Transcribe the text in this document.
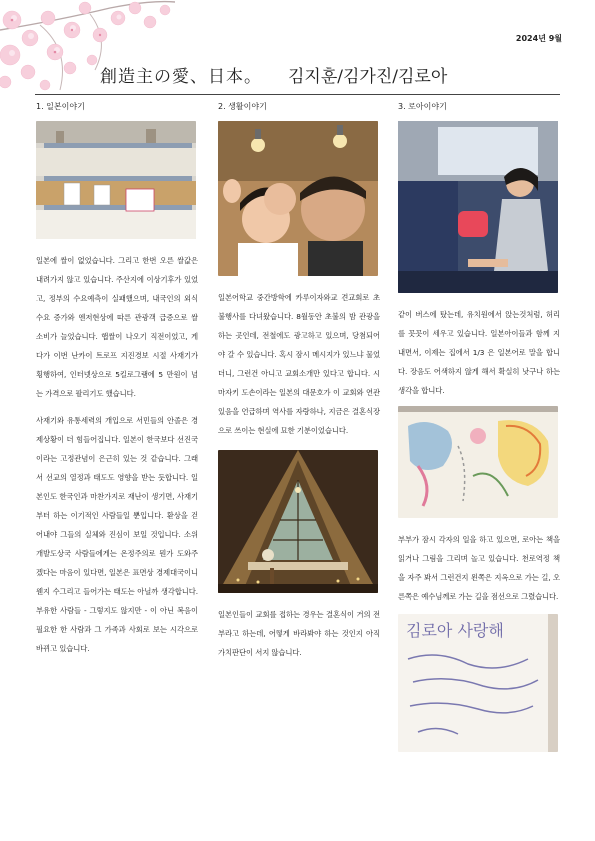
2024년 9월
創造主の愛、日本。 김지훈/김가진/김로아
1. 일본이야기

일본에 쌀이 없었습니다. 그리고 한번 오른 쌀값은 내려가지 않고 있습니다. 주산지에 이상기후가 있었고, 정부의 수요예측이 실패했으며, 내국인의 외식수요 증가와 엔저현상에 따른 관광객 급증으로 쌀 소비가 늘었습니다. 햅쌀이 나오기 직전이었고, 게다가 이번 난카이 트로프 지진경보 시절 사재기가 횡행하여, 인터넷상으로 5킬로그램에 5 만원이 넘는 가격으로 팔리기도 했습니다.

사재기와 유통세력의 개입으로 서민들의 안졸은 경제상황이 더 힘들어집니다. 일본이 한국보다 선진국이라는 고정관념이 은근히 있는 것 같습니다. 그래서 선교의 열정과 태도도 영향을 받는 듯합니다. 일본인도 한국인과 마찬가지로 재난이 생기면, 사재기부터 하는 이기적인 사람들일 뿐입니다. 환상을 걷어내야 그들의 실체와 진심이 보일 것입니다. 소위 개발도상국 사람들에게는 온정주의로 뭔가 도와주겠다는 마음이 있다면, 일본은 표면상 경제대국이니 웬지 수그리고 들어가는 태도는 아닐까 생각합니다. 부유한 사람들 - 그렇지도 않지만 - 이 아닌 복음이 필요한 한 사람과 그 가족과 사회로 보는 시각으로 바뀌고 있습니다.

2. 생활이야기

일본어학교 중간방학에 카루이자와교 견교회로 초불행사를 다녀왔습니다. 8월동안 초불의 밤 관광을 하는 곳인데, 전철에도 광고하고 있으며, 당첨되어야 갈 수 있습니다. 혹시 잠시 메시지가 있느냐 물었더니, 그런건 아니고 교회소개만 있다고 합니다. 시마자키 도손이라는 일본의 대문호가 이 교회와 연관있음을 언급하며 역사를 자랑하나, 지금은 결혼식장으로 쓰이는 현실에 묘한 기분이었습니다.

일본인들이 교회를 접하는 경우는 결혼식이 거의 전부라고 하는데, 어떻게 바라봐야 하는 것인지 아직 가치판단이 서지 않습니다.

3. 로아이야기

같이 버스에 탔는데, 유치원에서 앉는것처럼, 허리를 꼿꼿이 세우고 있습니다. 일본아이들과 함께 지내면서, 이제는 집에서 1/3 은 일본어로 말을 합니다. 장음도 어색하지 않게 해서 확실히 낫구나 하는 생각을 합니다.

부부가 잠시 각자의 일을 하고 있으면, 로아는 책을 읽거나 그림을 그리며 놀고 있습니다. 천로역정 책을 자주 봐서 그런건지 왼쪽은 지옥으로 가는 길, 오른쪽은 예수님께로 가는 길을 점선으로 그렸습니다.

김로아 사랑해
